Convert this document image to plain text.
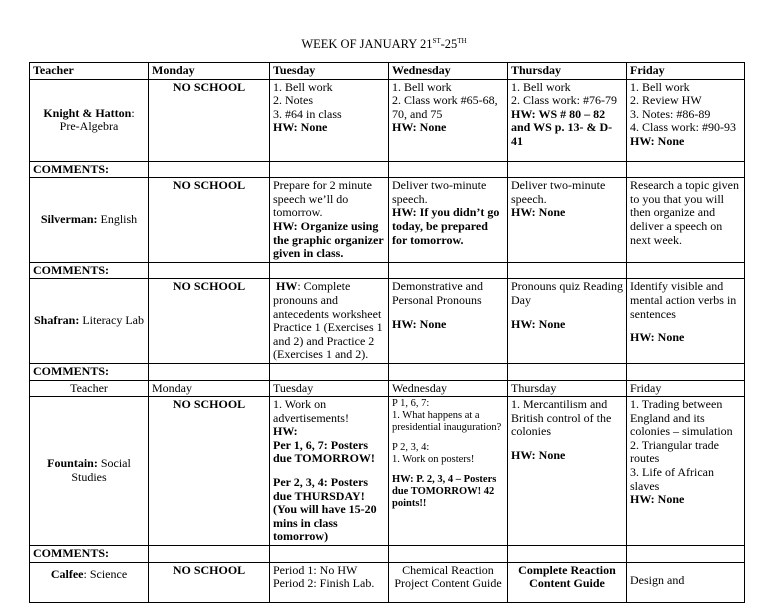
WEEK OF JANUARY 21ST-25TH
Teacher	Monday	Tuesday	Wednesday	Thursday	Friday
Knight & Hatton: Pre-Algebra	NO SCHOOL	1. Bell work
2. Notes
3. #64 in class
HW: None	1. Bell work
2. Class work #65-68, 70, and 75
HW: None	1. Bell work
2. Class work: #76-79
HW: WS # 80 – 82 and WS p. 13- & D-41	1. Bell work
2. Review HW
3. Notes: #86-89
4. Class work: #90-93
HW: None

COMMENTS:					
Silverman: English	NO SCHOOL	Prepare for 2 minute speech we’ll do tomorrow.
HW: Organize using the graphic organizer given in class.	Deliver two-minute speech.
HW: If you didn’t go today, be prepared for tomorrow.	Deliver two-minute speech.
HW: None	Research a topic given to you that you will then organize and deliver a speech on next week.

COMMENTS:					
Shafran: Literacy Lab	NO SCHOOL	HW: Complete pronouns and antecedents worksheet Practice 1 (Exercises 1 and 2) and Practice 2 (Exercises 1 and 2).	Demonstrative and Personal Pronouns
HW: None	Pronouns quiz Reading Day
HW: None	Identify visible and mental action verbs in sentences
HW: None

COMMENTS:					
Teacher	Monday	Tuesday	Wednesday	Thursday	Friday
Fountain: Social Studies	NO SCHOOL	1. Work on advertisements!
HW:
Per 1, 6, 7: Posters due TOMORROW!
Per 2, 3, 4: Posters due THURSDAY! (You will have 15-20 mins in class tomorrow)	P 1, 6, 7:
1. What happens at a presidential inauguration?
P 2, 3, 4:
1. Work on posters!
HW: P. 2, 3, 4 – Posters due TOMORROW! 42 points!!	1. Mercantilism and British control of the colonies
HW: None	1. Trading between England and its colonies – simulation
2. Triangular trade routes
3. Life of African slaves
HW: None

COMMENTS:					
Calfee: Science	NO SCHOOL	Period 1: No HW
Period 2: Finish Lab.	Chemical Reaction Project Content Guide	Complete Reaction Content Guide	Design and
